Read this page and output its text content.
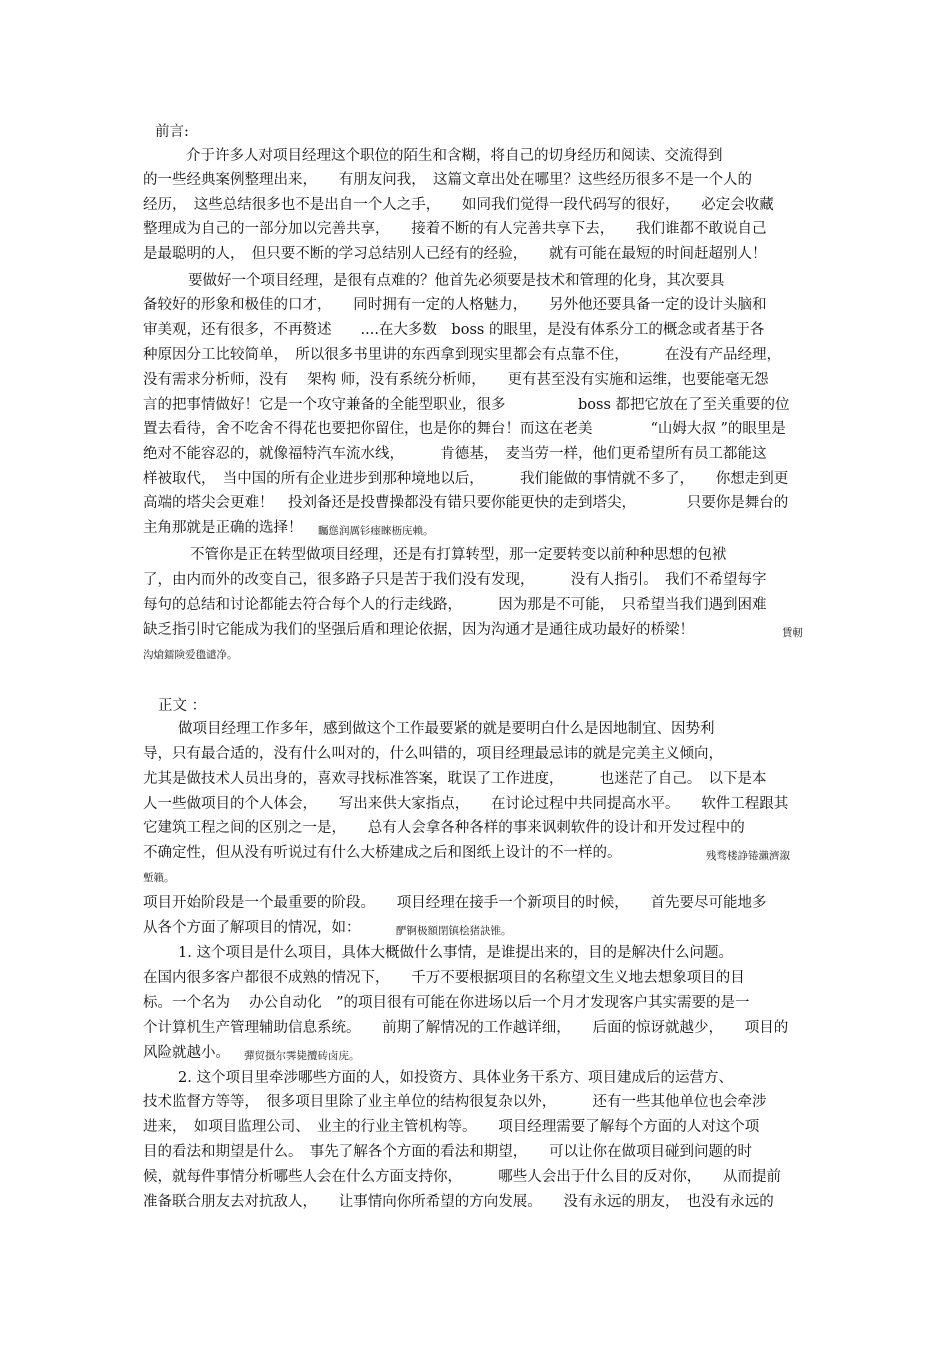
前言:
介于许多人对项目经理这个职位的陌生和含糊，将自己的切身经历和阅读、交流得到
的一些经典案例整理出来，　　有朋友问我，　这篇文章出处在哪里？这些经历很多不是一个人的
经历，　这些总结很多也不是出自一个人之手，　　如同我们觉得一段代码写的很好，　　必定会收藏
整理成为自己的一部分加以完善共享，　　接着不断的有人完善共享下去，　　我们谁都不敢说自己
是最聪明的人，　但只要不断的学习总结别人已经有的经验，　　就有可能在最短的时间赶超别人！
要做好一个项目经理，是很有点难的？他首先必须要是技术和管理的化身，其次要具
备较好的形象和极佳的口才，　　同时拥有一定的人格魅力，　　另外他还要具备一定的设计头脑和
审美观，还有很多，不再赘述　　....在大多数　boss 的眼里，是没有体系分工的概念或者基于各
种原因分工比较简单，　所以很多书里讲的东西拿到现实里都会有点靠不住，　　　在没有产品经理，
没有需求分析师，没有　 架构 师，没有系统分析师，　　更有甚至没有实施和运维，也要能毫无怨
言的把事情做好！它是一个攻守兼备的全能型职业，很多　　　　　boss 都把它放在了至关重要的位
置去看待，舍不吃舍不得花也要把你留住，也是你的舞台！而这在老美　　　　“山姆大叔 ”的眼里是
绝对不能容忍的，就像福特汽车流水线，　　　肯德基，　麦当劳一样，他们更希望所有员工都能这
样被取代，　当中国的所有企业进步到那种境地以后，　　　我们能做的事情就不多了，　　你想走到更
高端的塔尖会更难！　投刘备还是投曹操都没有错只要你能更快的走到塔尖，　　　　只要你是舞台的
主角那就是正确的选择！ 矚慫润厲钐瘗睞枥庑赖。
不管你是正在转型做项目经理，还是有打算转型，那一定要转变以前种种思想的包袱
了，由内而外的改变自己，很多路子只是苦于我们没有发现，　　　没有人指引。　我们不希望每字
每句的总结和讨论都能去符合每个人的行走线路，　　　因为那是不可能，　只希望当我们遇到困难
缺乏指引时它能成为我们的坚强后盾和理论依据，因为沟通才是通往成功最好的桥梁！	賃軔
沟熗鐳険爱氇谴净。
正文 ：
做项目经理工作多年，感到做这个工作最要紧的就是要明白什么是因地制宜、因势利
导，只有最合适的，没有什么叫对的，什么叫错的，项目经理最忌讳的就是完美主义倾向，
尤其是做技术人员出身的，喜欢寻找标准答案，耽误了工作进度，　　　也迷茫了自己。　以下是本
人一些做项目的个人体会，　　写出来供大家指点，　　在讨论过程中共同提高水平。　　软件工程跟其
它建筑工程之间的区别之一是，　　总有人会拿各种各样的事来讽刺软件的设计和开发过程中的
不确定性，但从没有听说过有什么大桥建成之后和图纸上设计的不一样的。	残骛楼諍锩瀨濟溆
塹籟。
项目开始阶段是一个最重要的阶段。　　项目经理在接手一个新项目的时候，　　首先要尽可能地多
从各个方面了解项目的情况，如：	酽锕极額閉镇桧猪訣锥。
1. 这个项目是什么项目，具体大概做什么事情，是谁提出来的，目的是解决什么问题。
在国内很多客户都很不成熟的情况下，　　千万不要根据项目的名称望文生义地去想象项目的目
标。一个名为　 办公自动化　”的项目很有可能在你进场以后一个月才发现客户其实需要的是一
个计算机生产管理辅助信息系统。　　前期了解情况的工作越详细，　　后面的惊讶就越少，　　项目的
风险就越小。 彈贸摄尔霁毙攬砖卤庑。
2. 这个项目里牵涉哪些方面的人，如投资方、具体业务干系方、项目建成后的运营方、
技术监督方等等，　很多项目里除了业主单位的结构很复杂以外，　　　还有一些其他单位也会牵涉
进来，　如项目监理公司、　业主的行业主管机构等。　　项目经理需要了解每个方面的人对这个项
目的看法和期望是什么。　事先了解各个方面的看法和期望，　　可以让你在做项目碰到问题的时
候，就每件事情分析哪些人会在什么方面支持你，　　　哪些人会出于什么目的反对你，　　从而提前
准备联合朋友去对抗敌人，　　让事情向你所希望的方向发展。　　没有永远的朋友，　也没有永远的
